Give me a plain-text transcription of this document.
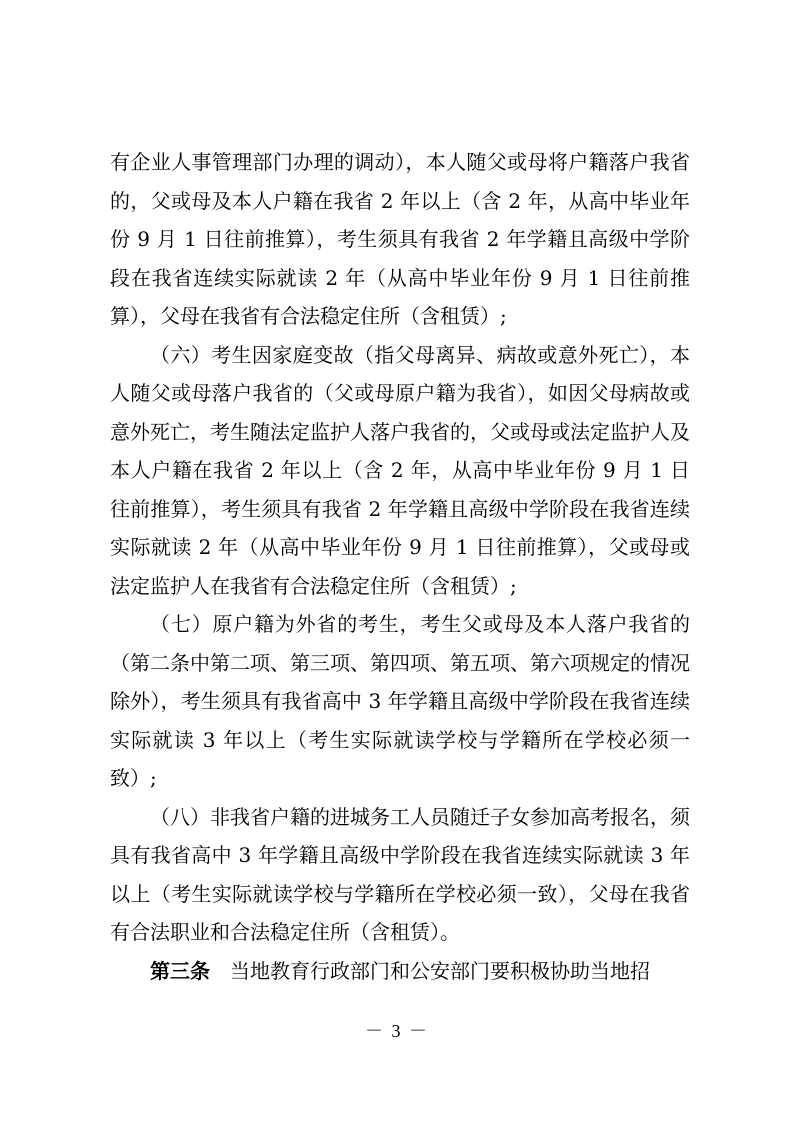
有企业人事管理部门办理的调动），本人随父或母将户籍落户我省的，父或母及本人户籍在我省 2 年以上（含 2 年，从高中毕业年份 9 月 1 日往前推算），考生须具有我省 2 年学籍且高级中学阶段在我省连续实际就读 2 年（从高中毕业年份 9 月 1 日往前推算），父母在我省有合法稳定住所（含租赁）;

（六）考生因家庭变故（指父母离异、病故或意外死亡），本人随父或母落户我省的（父或母原户籍为我省），如因父母病故或意外死亡，考生随法定监护人落户我省的，父或母或法定监护人及本人户籍在我省 2 年以上（含 2 年，从高中毕业年份 9 月 1 日往前推算），考生须具有我省 2 年学籍且高级中学阶段在我省连续实际就读 2 年（从高中毕业年份 9 月 1 日往前推算），父或母或法定监护人在我省有合法稳定住所（含租赁）;

（七）原户籍为外省的考生，考生父或母及本人落户我省的（第二条中第二项、第三项、第四项、第五项、第六项规定的情况除外），考生须具有我省高中 3 年学籍且高级中学阶段在我省连续实际就读 3 年以上（考生实际就读学校与学籍所在学校必须一致）;

（八）非我省户籍的进城务工人员随迁子女参加高考报名，须具有我省高中 3 年学籍且高级中学阶段在我省连续实际就读 3 年以上（考生实际就读学校与学籍所在学校必须一致），父母在我省有合法职业和合法稳定住所（含租赁）。

第三条 当地教育行政部门和公安部门要积极协助当地招

－ 3 －
